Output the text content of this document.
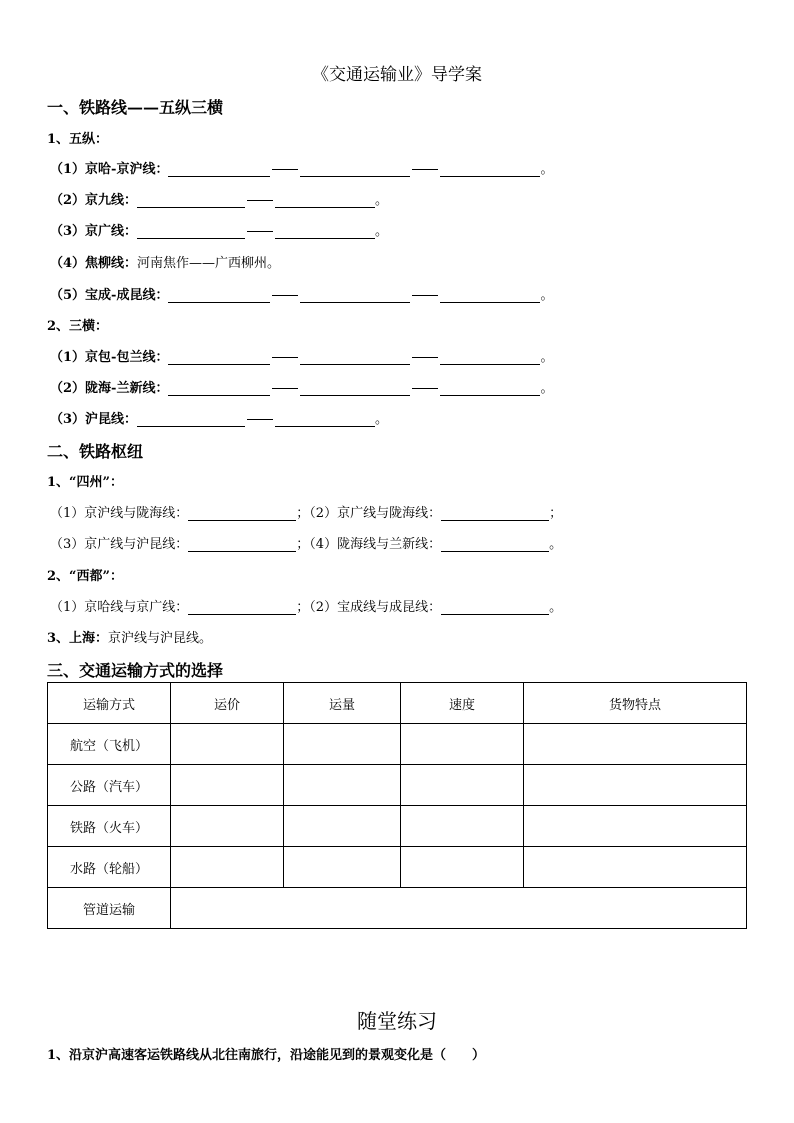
《交通运输业》导学案
一、铁路线——五纵三横
1、五纵：
（1）京哈-京沪线：	。
（2）京九线：	。
（3）京广线：	。
（4）焦柳线：河南焦作——广西柳州。
（5）宝成-成昆线：	。
2、三横：
（1）京包-包兰线：	。
（2）陇海-兰新线：	。
（3）沪昆线：	。
二、铁路枢纽
1、“四州”：
（1）京沪线与陇海线：	；（2）京广线与陇海线：	；
（3）京广线与沪昆线：	；（4）陇海线与兰新线：	。
2、“西都”：
（1）京哈线与京广线：	；（2）宝成线与成昆线：	。
3、上海：京沪线与沪昆线。
三、交通运输方式的选择
运输方式	运价	运量	速度	货物特点
航空（飞机）				
公路（汽车）				
铁路（火车）				
水路（轮船）				
管道运输				
随堂练习
1、沿京沪高速客运铁路线从北往南旅行，沿途能见到的景观变化是（　　）
